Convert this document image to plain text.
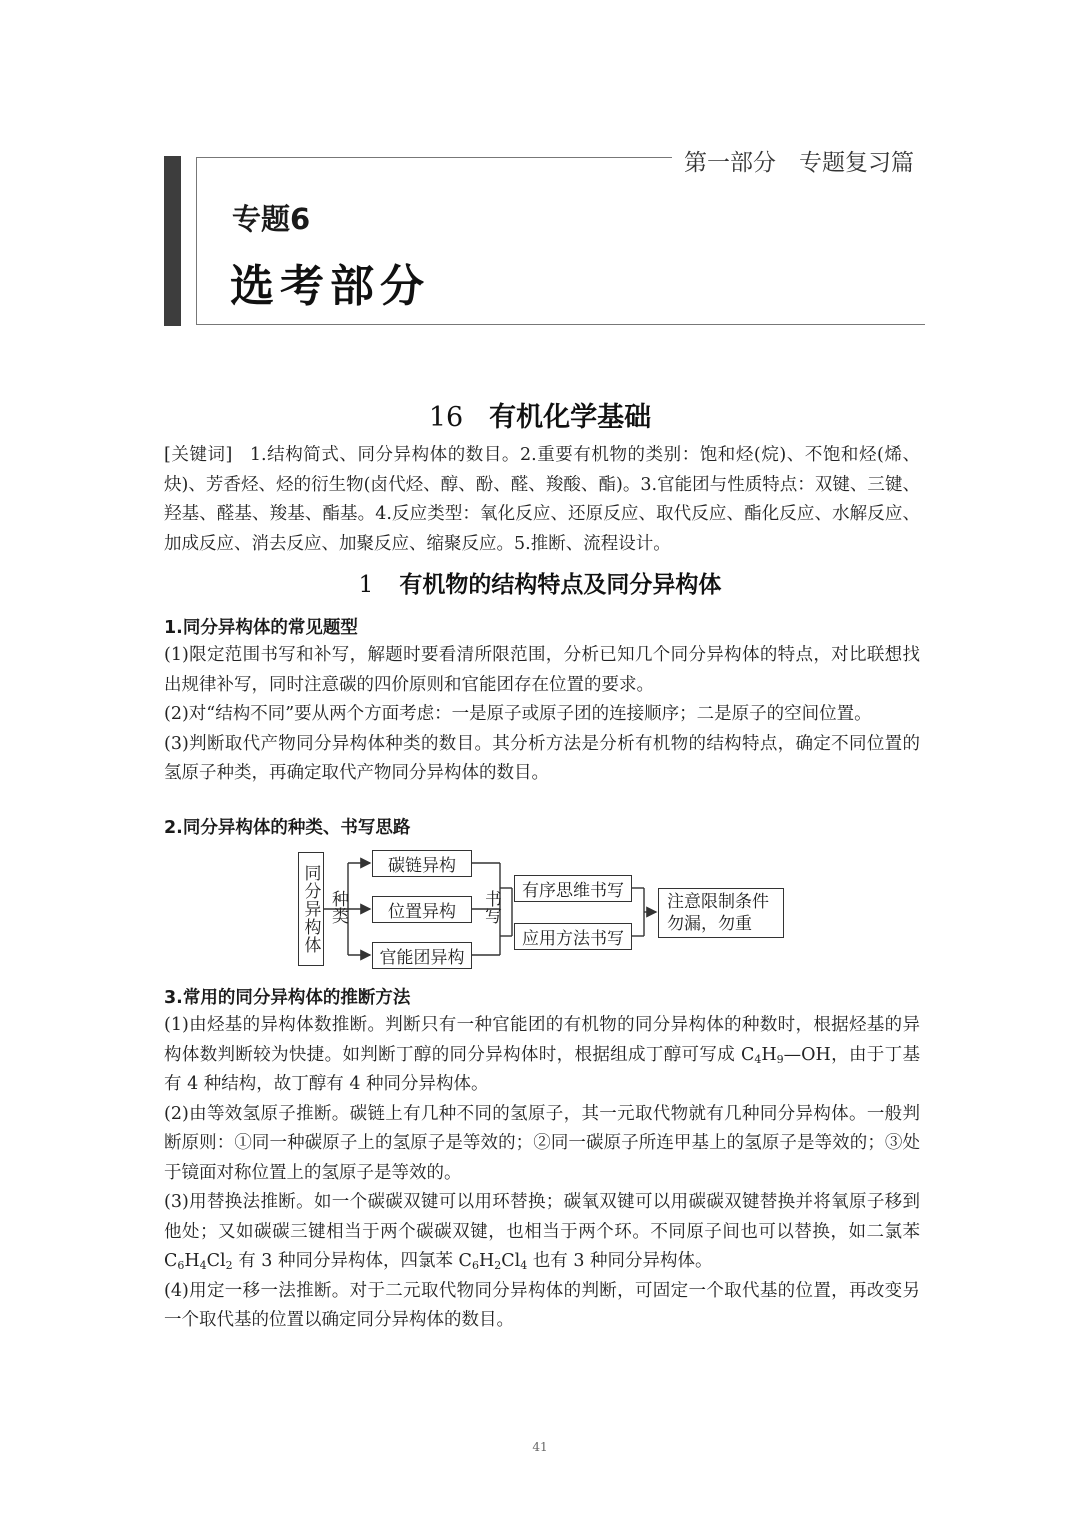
第一部分　专题复习篇
专题6
选考部分
16 有机化学基础
[关键词]  1.结构简式、同分异构体的数目。2.重要有机物的类别：饱和烃(烷)、不饱和烃(烯、炔)、芳香烃、烃的衍生物(卤代烃、醇、酚、醛、羧酸、酯)。3.官能团与性质特点：双键、三键、羟基、醛基、羧基、酯基。4.反应类型：氧化反应、还原反应、取代反应、酯化反应、水解反应、加成反应、消去反应、加聚反应、缩聚反应。5.推断、流程设计。
1 有机物的结构特点及同分异构体
1.同分异构体的常见题型

(1)限定范围书写和补写，解题时要看清所限范围，分析已知几个同分异构体的特点，对比联想找出规律补写，同时注意碳的四价原则和官能团存在位置的要求。

(2)对“结构不同”要从两个方面考虑：一是原子或原子团的连接顺序；二是原子的空间位置。

(3)判断取代产物同分异构体种类的数目。其分析方法是分析有机物的结构特点，确定不同位置的氢原子种类，再确定取代产物同分异构体的数目。

2.同分异构体的种类、书写思路
同分异构体 种类
碳链异构
位置异构
官能团异构
书写 有序思维书写
应用方法书写
注意限制条件
勿漏，勿重
3.常用的同分异构体的推断方法

(1)由烃基的异构体数推断。判断只有一种官能团的有机物的同分异构体的种数时，根据烃基的异构体数判断较为快捷。如判断丁醇的同分异构体时，根据组成丁醇可写成 $C_4H_9—OH$，由于丁基有 4 种结构，故丁醇有 4 种同分异构体。

(2)由等效氢原子推断。碳链上有几种不同的氢原子，其一元取代物就有几种同分异构体。一般判断原则：①同一种碳原子上的氢原子是等效的；②同一碳原子所连甲基上的氢原子是等效的；③处于镜面对称位置上的氢原子是等效的。

(3)用替换法推断。如一个碳碳双键可以用环替换；碳氧双键可以用碳碳双键替换并将氧原子移到他处；又如碳碳三键相当于两个碳碳双键，也相当于两个环。不同原子间也可以替换，如二氯苯 $C_6H_4Cl_2$ 有 3 种同分异构体，四氯苯 $C_6H_2Cl_4$ 也有 3 种同分异构体。

(4)用定一移一法推断。对于二元取代物同分异构体的判断，可固定一个取代基的位置，再改变另一个取代基的位置以确定同分异构体的数目。

41
